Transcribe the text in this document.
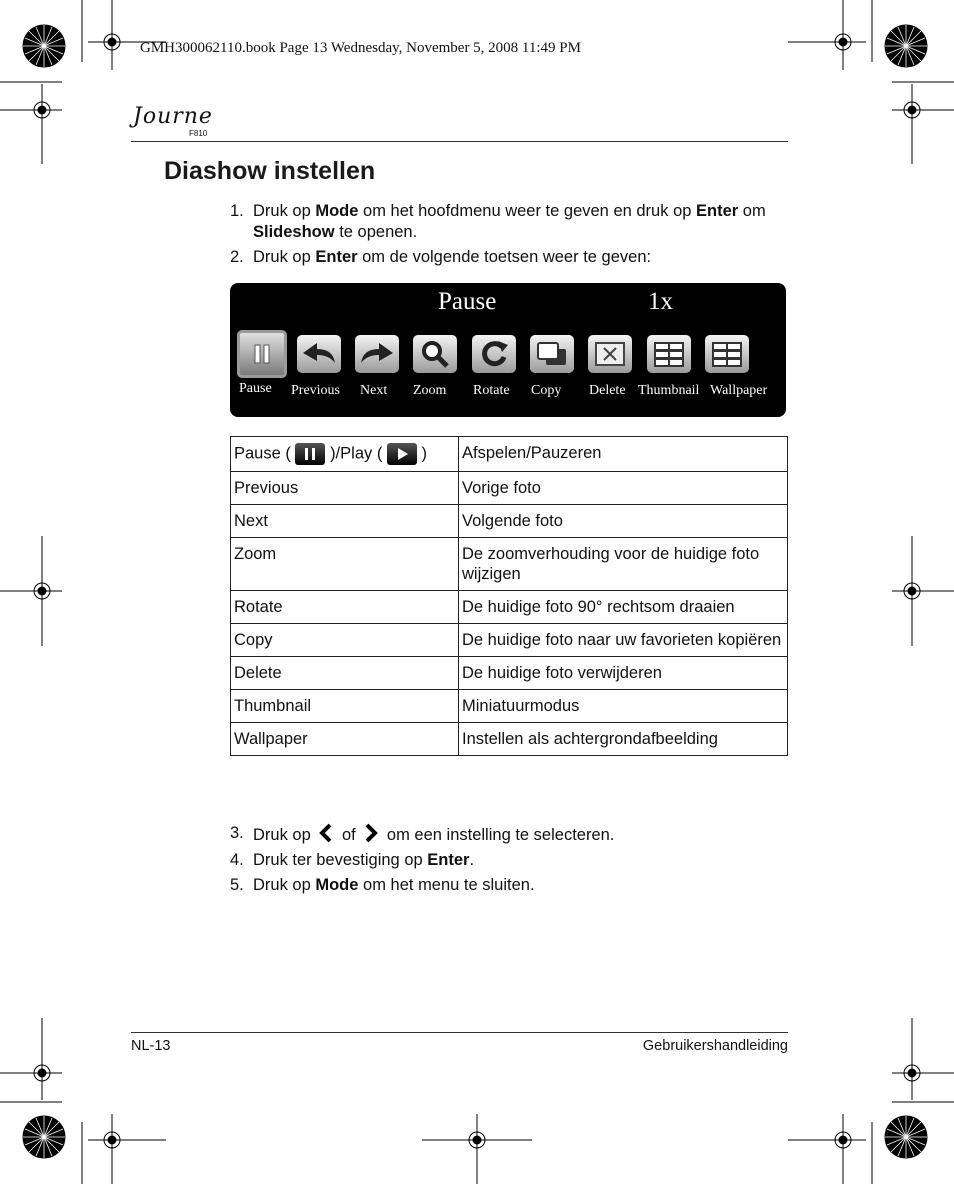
GMH300062110.book Page 13 Wednesday, November 5, 2008 11:49 PM
Journe
F810
Diashow instellen
1. Druk op Mode om het hoofdmenu weer te geven en druk op Enter om Slideshow te openen.
2. Druk op Enter om de volgende toetsen weer te geven:
Pause	1x
Pause Previous Next Zoom Rotate Copy Delete Thumbnail Wallpaper
Pause ( )/Play ( )	Afspelen/Pauzeren
Previous	Vorige foto
Next	Volgende foto
Zoom	De zoomverhouding voor de huidige foto wijzigen
Rotate	De huidige foto 90° rechtsom draaien
Copy	De huidige foto naar uw favorieten kopiëren
Delete	De huidige foto verwijderen
Thumbnail	Miniatuurmodus
Wallpaper	Instellen als achtergrondafbeelding
3. Druk op of om een instelling te selecteren.
4. Druk ter bevestiging op Enter.
5. Druk op Mode om het menu te sluiten.
NL-13	Gebruikershandleiding
